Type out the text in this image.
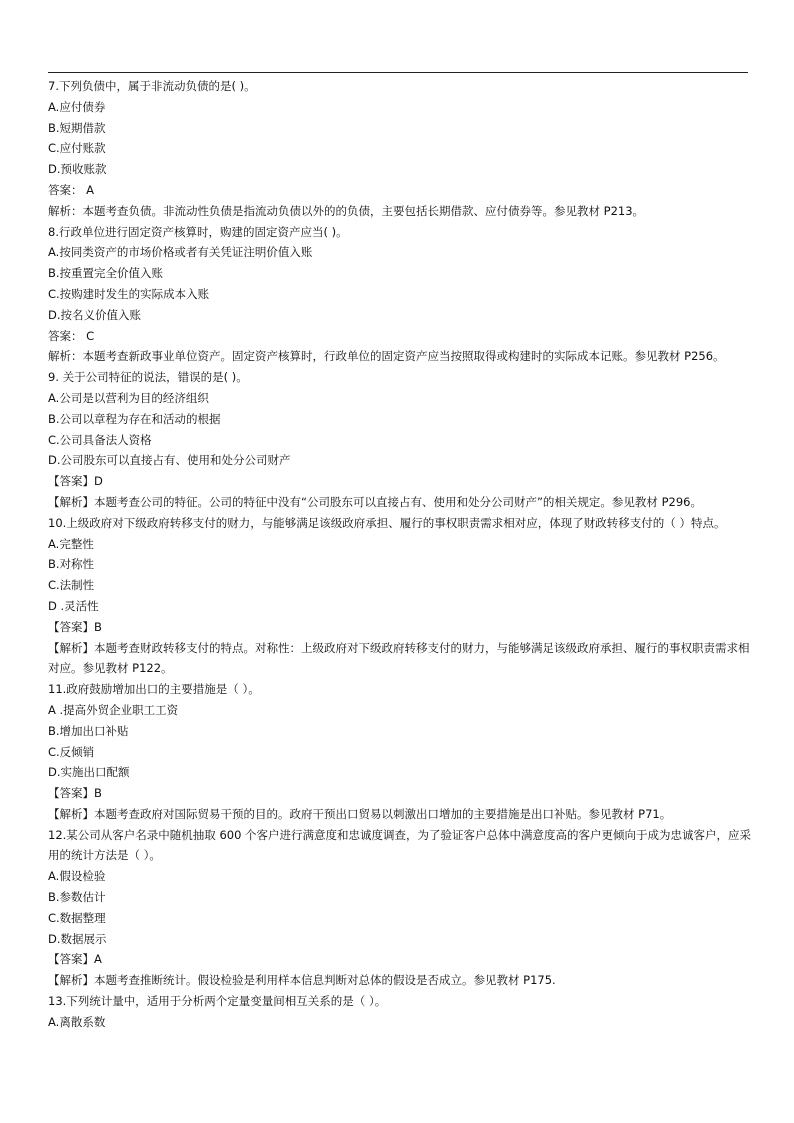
7.下列负债中，属于非流动负债的是( )。
A.应付债券
B.短期借款
C.应付账款
D.预收账款
答案： A
解析：本题考查负债。非流动性负债是指流动负债以外的的负债，主要包括长期借款、应付债券等。参见教材 P213。
8.行政单位进行固定资产核算时，购建的固定资产应当( )。
A.按同类资产的市场价格或者有关凭证注明价值入账
B.按重置完全价值入账
C.按购建时发生的实际成本入账
D.按名义价值入账
答案： C
解析：本题考查新政事业单位资产。固定资产核算时，行政单位的固定资产应当按照取得或构建时的实际成本记账。参见教材 P256。
9. 关于公司特征的说法，错误的是( )。
A.公司是以营利为目的经济组织
B.公司以章程为存在和活动的根据
C.公司具备法人资格
D.公司股东可以直接占有、使用和处分公司财产
【答案】D
【解析】本题考查公司的特征。公司的特征中没有“公司股东可以直接占有、使用和处分公司财产”的相关规定。参见教材 P296。
10.上级政府对下级政府转移支付的财力，与能够满足该级政府承担、履行的事权职责需求相对应，体现了财政转移支付的（ ）特点。
A.完整性
B.对称性
C.法制性
D .灵活性
【答案】B
【解析】本题考查财政转移支付的特点。对称性：上级政府对下级政府转移支付的财力，与能够满足该级政府承担、履行的事权职责需求相对应。参见教材 P122。
11.政府鼓励增加出口的主要措施是（ ）。
A .提高外贸企业职工工资
B.增加出口补贴
C.反倾销
D.实施出口配额
【答案】B
【解析】本题考查政府对国际贸易干预的目的。政府干预出口贸易以刺激出口增加的主要措施是出口补贴。参见教材 P71。
12.某公司从客户名录中随机抽取 600 个客户进行满意度和忠诚度调查，为了验证客户总体中满意度高的客户更倾向于成为忠诚客户，应采用的统计方法是（ ）。
A.假设检验
B.参数估计
C.数据整理
D.数据展示
【答案】A
【解析】本题考查推断统计。假设检验是利用样本信息判断对总体的假设是否成立。参见教材 P175.
13.下列统计量中，适用于分析两个定量变量间相互关系的是（ ）。
A.离散系数
